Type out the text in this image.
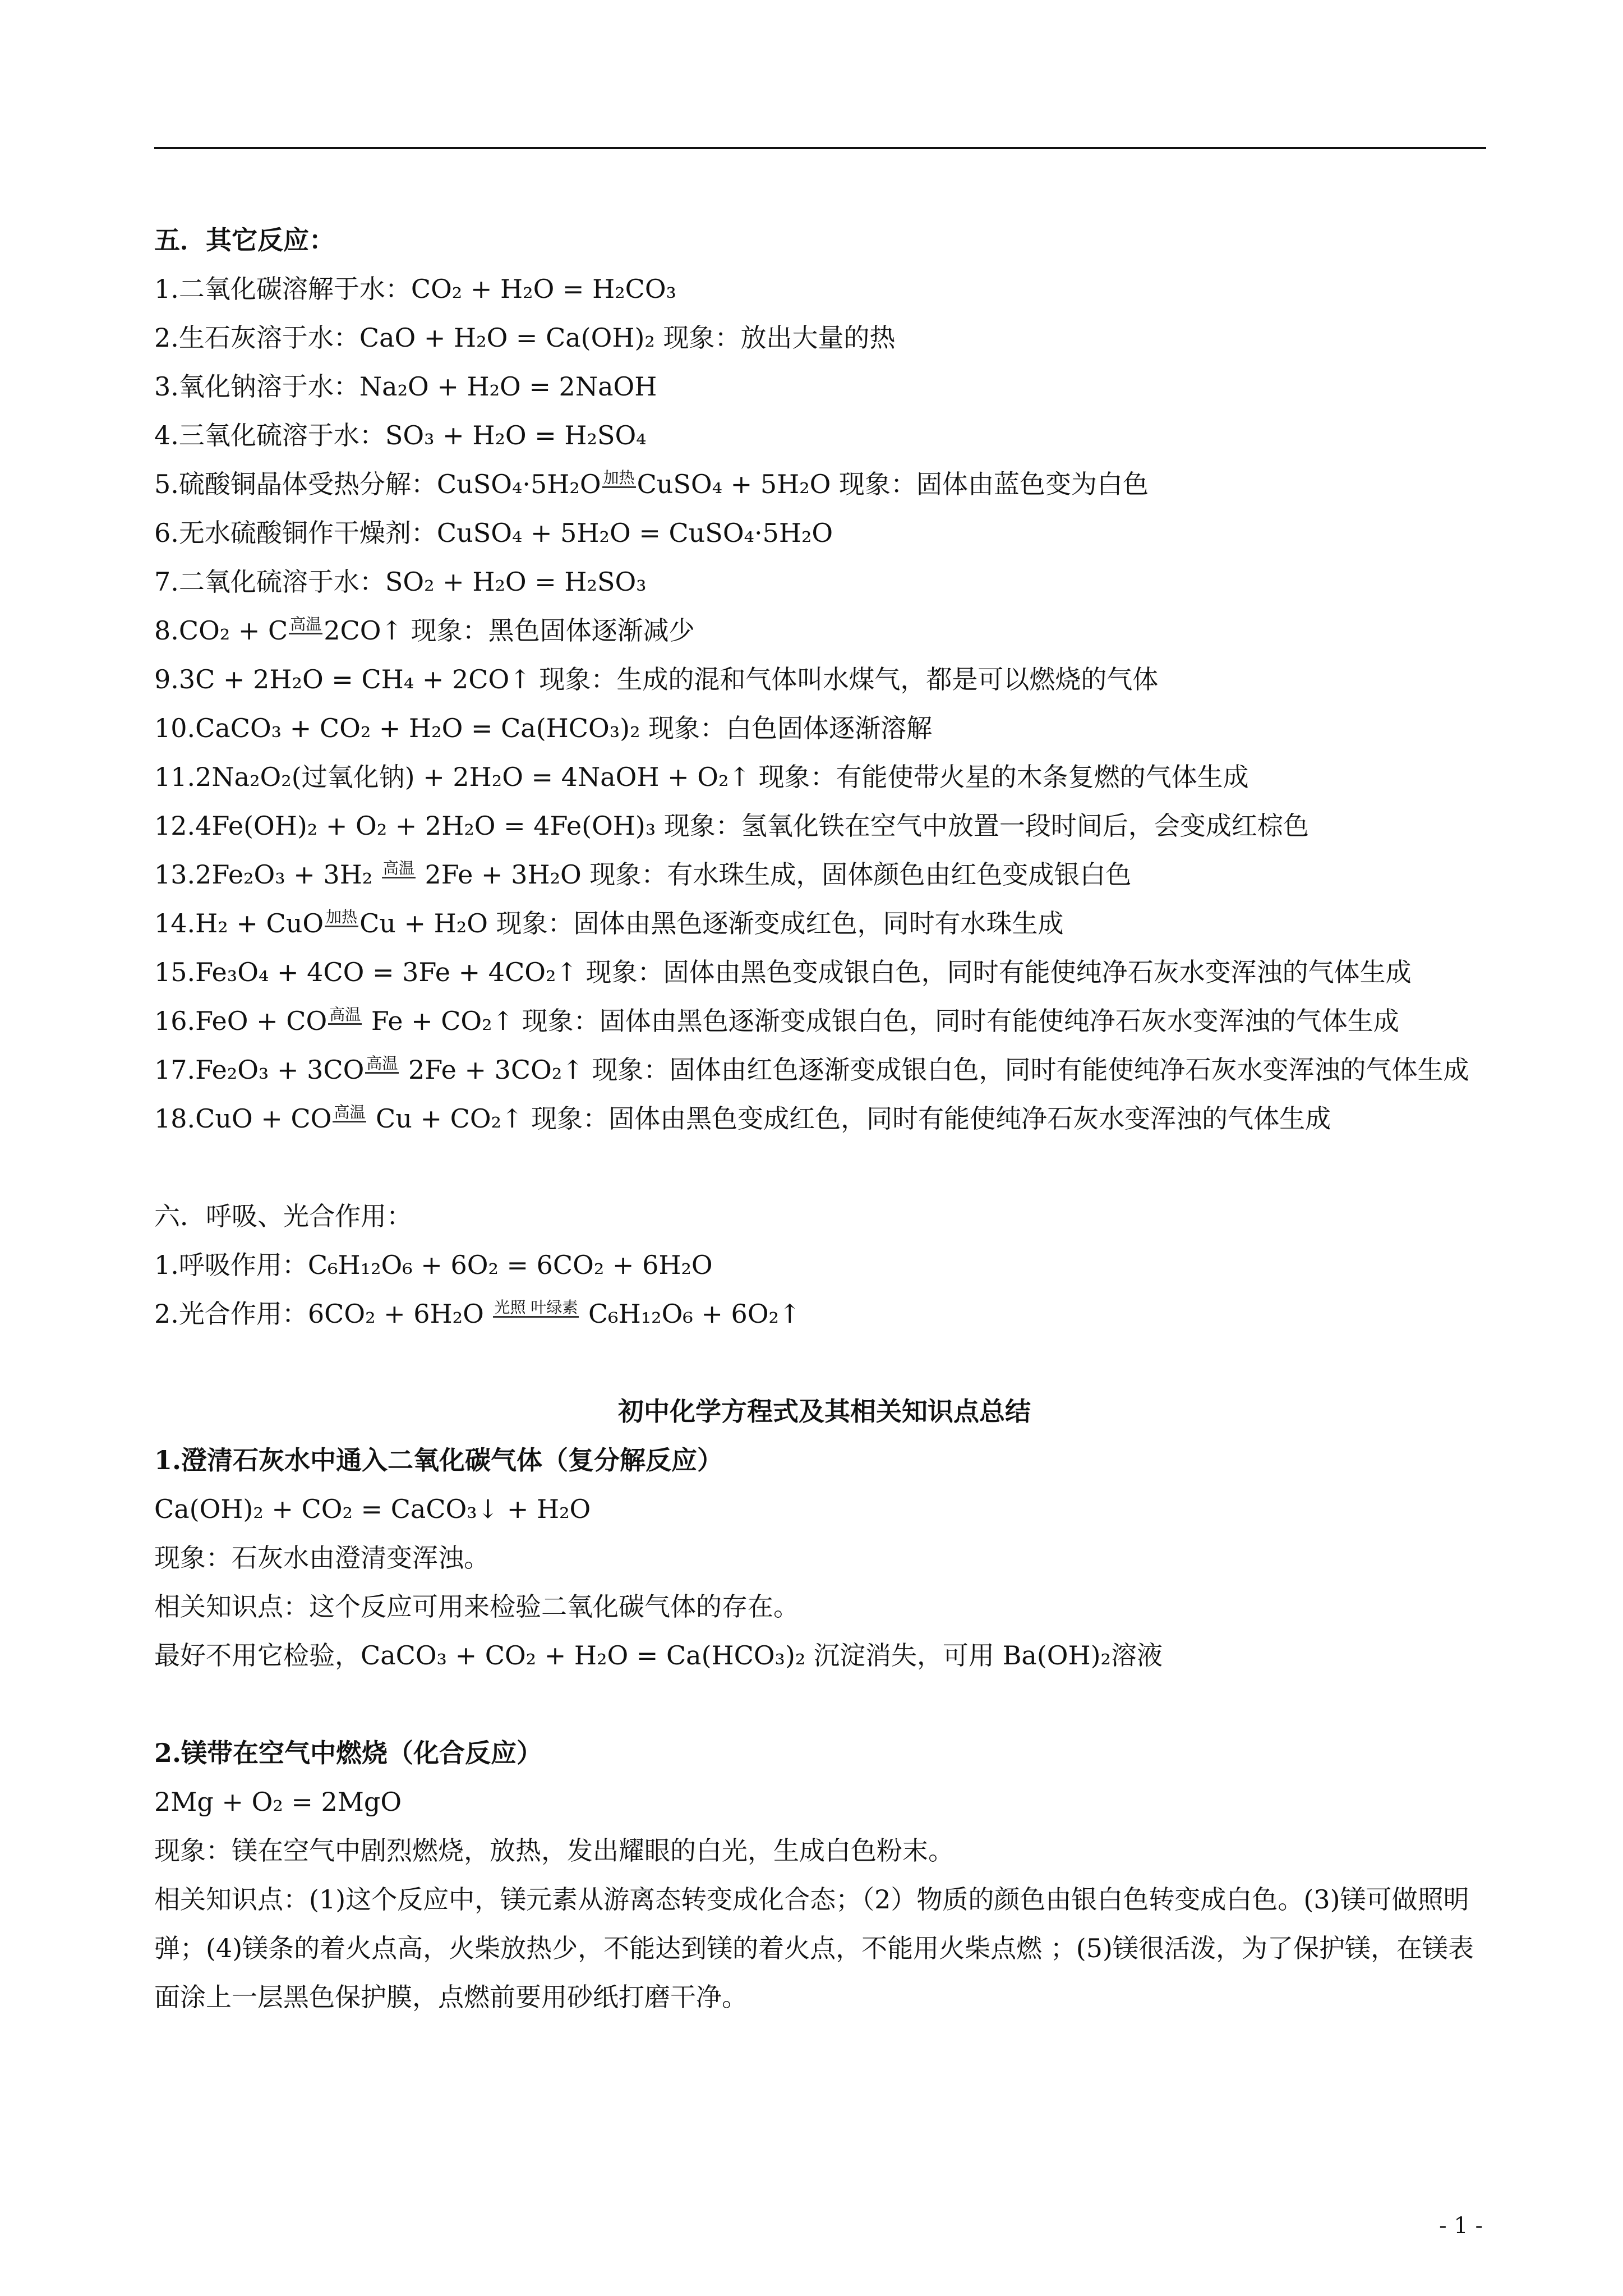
五．其它反应：
1.二氧化碳溶解于水：CO₂ + H₂O = H₂CO₃
2.生石灰溶于水：CaO + H₂O = Ca(OH)₂ 现象：放出大量的热
3.氧化钠溶于水：Na₂O + H₂O = 2NaOH
4.三氧化硫溶于水：SO₃ + H₂O = H₂SO₄
5.硫酸铜晶体受热分解：CuSO₄·5H₂O 加热CuSO₄ + 5H₂O 现象：固体由蓝色变为白色
6.无水硫酸铜作干燥剂：CuSO₄ + 5H₂O = CuSO₄·5H₂O
7.二氧化硫溶于水：SO₂ + H₂O = H₂SO₃
8.CO₂ + C 高温2CO↑ 现象：黑色固体逐渐减少
9.3C + 2H₂O = CH₄ + 2CO↑ 现象：生成的混和气体叫水煤气，都是可以燃烧的气体
10.CaCO₃ + CO₂ + H₂O = Ca(HCO₃)₂ 现象：白色固体逐渐溶解
11.2Na₂O₂(过氧化钠) + 2H₂O = 4NaOH + O₂↑ 现象：有能使带火星的木条复燃的气体生成
12.4Fe(OH)₂ + O₂ + 2H₂O = 4Fe(OH)₃ 现象：氢氧化铁在空气中放置一段时间后，会变成红棕色
13.2Fe₂O₃ + 3H₂ 高温 2Fe + 3H₂O 现象：有水珠生成，固体颜色由红色变成银白色
14.H₂ + CuO 加热Cu + H₂O 现象：固体由黑色逐渐变成红色，同时有水珠生成
15.Fe₃O₄ + 4CO = 3Fe + 4CO₂↑ 现象：固体由黑色变成银白色，同时有能使纯净石灰水变浑浊的气体生成
16.FeO + CO 高温 Fe + CO₂↑ 现象：固体由黑色逐渐变成银白色，同时有能使纯净石灰水变浑浊的气体生成
17.Fe₂O₃ + 3CO 高温 2Fe + 3CO₂↑ 现象：固体由红色逐渐变成银白色，同时有能使纯净石灰水变浑浊的气体生成
18.CuO + CO 高温 Cu + CO₂↑ 现象：固体由黑色变成红色，同时有能使纯净石灰水变浑浊的气体生成
六．呼吸、光合作用：
1.呼吸作用：C₆H₁₂O₆ + 6O₂ = 6CO₂ + 6H₂O
2.光合作用：6CO₂ + 6H₂O 光照 叶绿素 C₆H₁₂O₆ + 6O₂↑
初中化学方程式及其相关知识点总结
1.澄清石灰水中通入二氧化碳气体（复分解反应）
Ca(OH)₂ + CO₂ = CaCO₃↓ + H₂O
现象：石灰水由澄清变浑浊。
相关知识点：这个反应可用来检验二氧化碳气体的存在。
最好不用它检验，CaCO₃ + CO₂ + H₂O = Ca(HCO₃)₂ 沉淀消失，可用 Ba(OH)₂溶液
2.镁带在空气中燃烧（化合反应）
2Mg + O₂ = 2MgO
现象：镁在空气中剧烈燃烧，放热，发出耀眼的白光，生成白色粉末。
相关知识点：(1)这个反应中，镁元素从游离态转变成化合态；（2）物质的颜色由银白色转变成白色。(3)镁可做照明弹；(4)镁条的着火点高，火柴放热少，不能达到镁的着火点，不能用火柴点燃 ；(5)镁很活泼，为了保护镁，在镁表面涂上一层黑色保护膜，点燃前要用砂纸打磨干净。
- 1 -
